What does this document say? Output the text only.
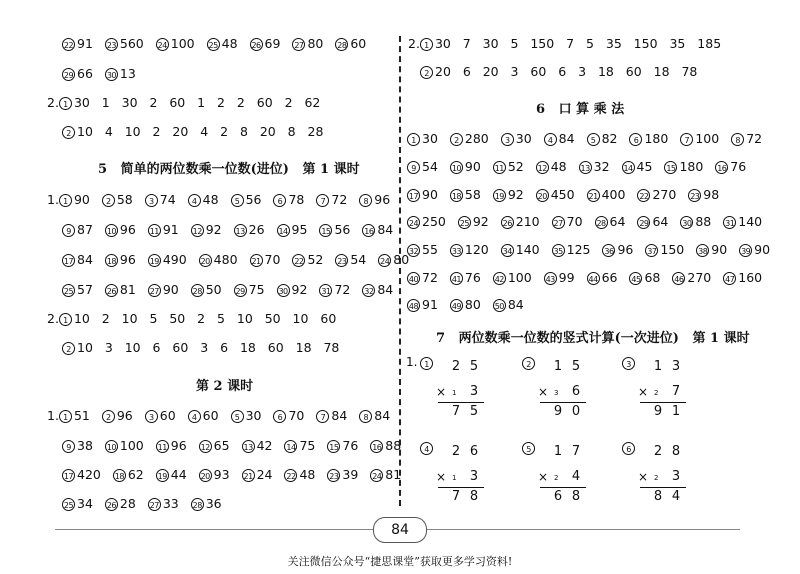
22 91 23 560 24 100 25 48 26 69 27 80 28 60
29 66 30 13
2. 1 30   1   30   2   60   1   2   2   60   2   62
2 10   4   10   2   20   4   2   8   20   8   28
5   简单的两位数乘一位数(进位)   第 1 课时
1. 1 90 2 58 3 74 4 48 5 56 6 78 7 72 8 96
9 87 10 96 11 91 12 92 13 26 14 95 15 56 16 84
17 84 18 96 19 490 20 480 21 70 22 52 23 54 24 80
25 57 26 81 27 90 28 50 29 75 30 92 31 72 32 84
2. 1 10   2   10   5   50   2   5   10   50   10   60
2 10   3   10   6   60   3   6   18   60   18   78
第 2 课时
1. 1 51 2 96 3 60 4 60 5 30 6 70 7 84 8 84
9 38 10 100 11 96 12 65 13 42 14 75 15 76 16 88
17 420 18 62 19 44 20 93 21 24 22 48 23 39 24 81
25 34 26 28 27 33 28 36
2. 1 30   7   30   5   150   7   5   35   150   35   185
2 20   6   20   3   60   6   3   18   60   18   78
6   口 算 乘 法
1 30 2 280 3 30 4 84 5 82 6 180 7 100 8 72
9 54 10 90 11 52 12 48 13 32 14 45 15 180 16 76
17 90 18 58 19 92 20 450 21 400 22 270 23 98
24 250 25 92 26 210 27 70 28 64 29 64 30 88 31 140
32 55 33 120 34 140 35 125 36 96 37 150 38 90 39 90
40 72 41 76 42 100 43 99 44 66 45 68 46 270 47 160
48 91 49 80 50 84
7   两位数乘一位数的竖式计算(一次进位)   第 1 课时
1. 1	2 5
× 1 3
7 5
2	1 5
× 3 6
9 0
3	1 3
× 2 7
9 1
4	2 6
× 1 3
7 8
5	1 7
× 2 4
6 8
6	2 8
× 2 3
8 4
84
关注微信公众号“捷思课堂”获取更多学习资料!
